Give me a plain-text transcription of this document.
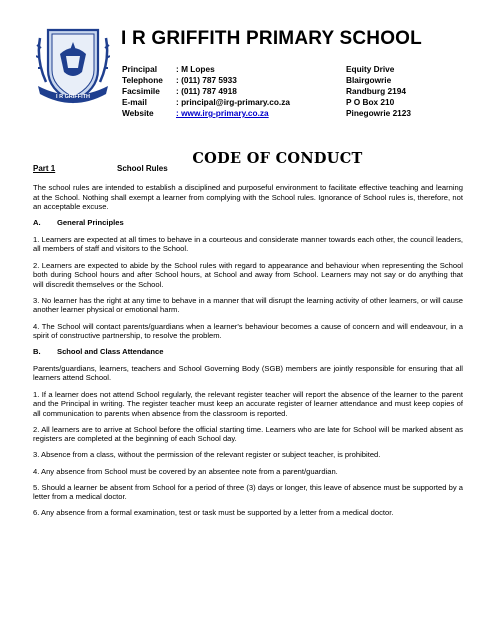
I R GRIFFITH
I R GRIFFITH PRIMARY SCHOOL
Principal	: M Lopes	Equity Drive
Telephone	: (011) 787 5933	Blairgowrie
Facsimile	: (011) 787 4918	Randburg 2194
E-mail	: principal@irg-primary.co.za	P O Box 210
Website	: www.irg-primary.co.za	Pinegowrie 2123
CODE OF CONDUCT
Part 1	School Rules

The school rules are intended to establish a disciplined and purposeful environment to facilitate effective teaching and learning at the School. Nothing shall exempt a learner from complying with the School rules. Ignorance of School rules is, therefore, not an acceptable excuse.

A.	General Principles

1. Learners are expected at all times to behave in a courteous and considerate manner towards each other, the council leaders, all members of staff and visitors to the School.

2. Learners are expected to abide by the School rules with regard to appearance and behaviour when representing the School both during School hours and after School hours, at School and away from School. Learners may not say or do anything that will discredit themselves or the School.

3. No learner has the right at any time to behave in a manner that will disrupt the learning activity of other learners, or will cause another learner physical or emotional harm.

4. The School will contact parents/guardians when a learner's behaviour becomes a cause of concern and will endeavour, in a spirit of constructive partnership, to resolve the problem.

B.	School and Class Attendance

Parents/guardians, learners, teachers and School Governing Body (SGB) members are jointly responsible for ensuring that all learners attend School.

1. If a learner does not attend School regularly, the relevant register teacher will report the absence of the learner to the parent and the Principal in writing. The register teacher must keep an accurate register of learner attendance and must keep copies of all communication to parents when absence from the classroom is reported.

2. All learners are to arrive at School before the official starting time. Learners who are late for School will be marked absent as registers are completed at the beginning of each School day.

3. Absence from a class, without the permission of the relevant register or subject teacher, is prohibited.

4. Any absence from School must be covered by an absentee note from a parent/guardian.

5. Should a learner be absent from School for a period of three (3) days or longer, this leave of absence must be supported by a letter from a medical doctor.

6. Any absence from a formal examination, test or task must be supported by a letter from a medical doctor.
